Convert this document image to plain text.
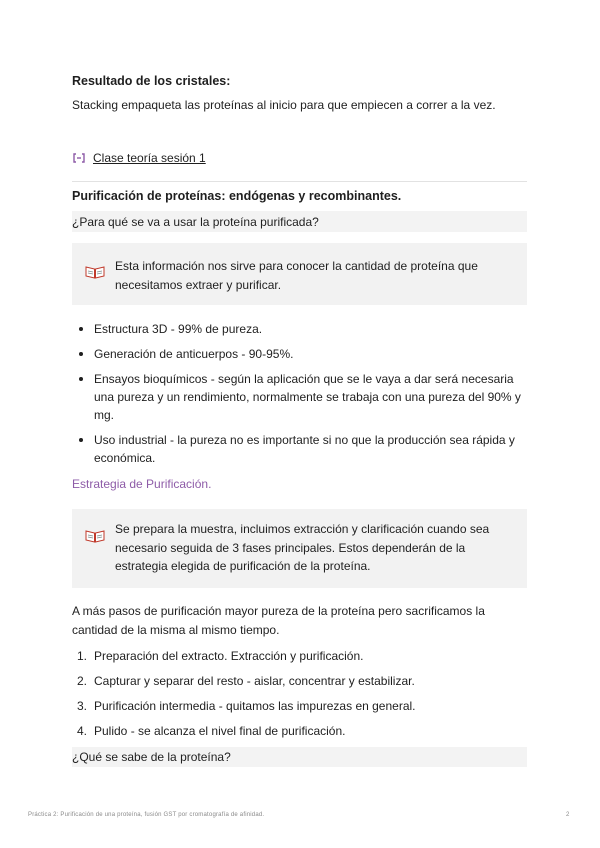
Resultado de los cristales:
Stacking empaqueta las proteínas al inicio para que empiecen a correr a la vez.
Clase teoría sesión 1
Purificación de proteínas: endógenas y recombinantes.
¿Para qué se va a usar la proteína purificada?
Esta información nos sirve para conocer la cantidad de proteína que necesitamos extraer y purificar.
Estructura 3D - 99% de pureza.
Generación de anticuerpos - 90-95%.
Ensayos bioquímicos - según la aplicación que se le vaya a dar será necesaria una pureza y un rendimiento, normalmente se trabaja con una pureza del 90% y mg.
Uso industrial - la pureza no es importante si no que la producción sea rápida y económica.
Estrategia de Purificación.
Se prepara la muestra, incluimos extracción y clarificación cuando sea necesario seguida de 3 fases principales. Estos dependerán de la estrategia elegida de purificación de la proteína.
A más pasos de purificación mayor pureza de la proteína pero sacrificamos la cantidad de la misma al mismo tiempo.
1. Preparación del extracto. Extracción y purificación.
2. Capturar y separar del resto - aislar, concentrar y estabilizar.
3. Purificación intermedia - quitamos las impurezas en general.
4. Pulido - se alcanza el nivel final de purificación.
¿Qué se sabe de la proteína?
Práctica 2: Purificación de una proteína, fusión GST por cromatografía de afinidad.	2
